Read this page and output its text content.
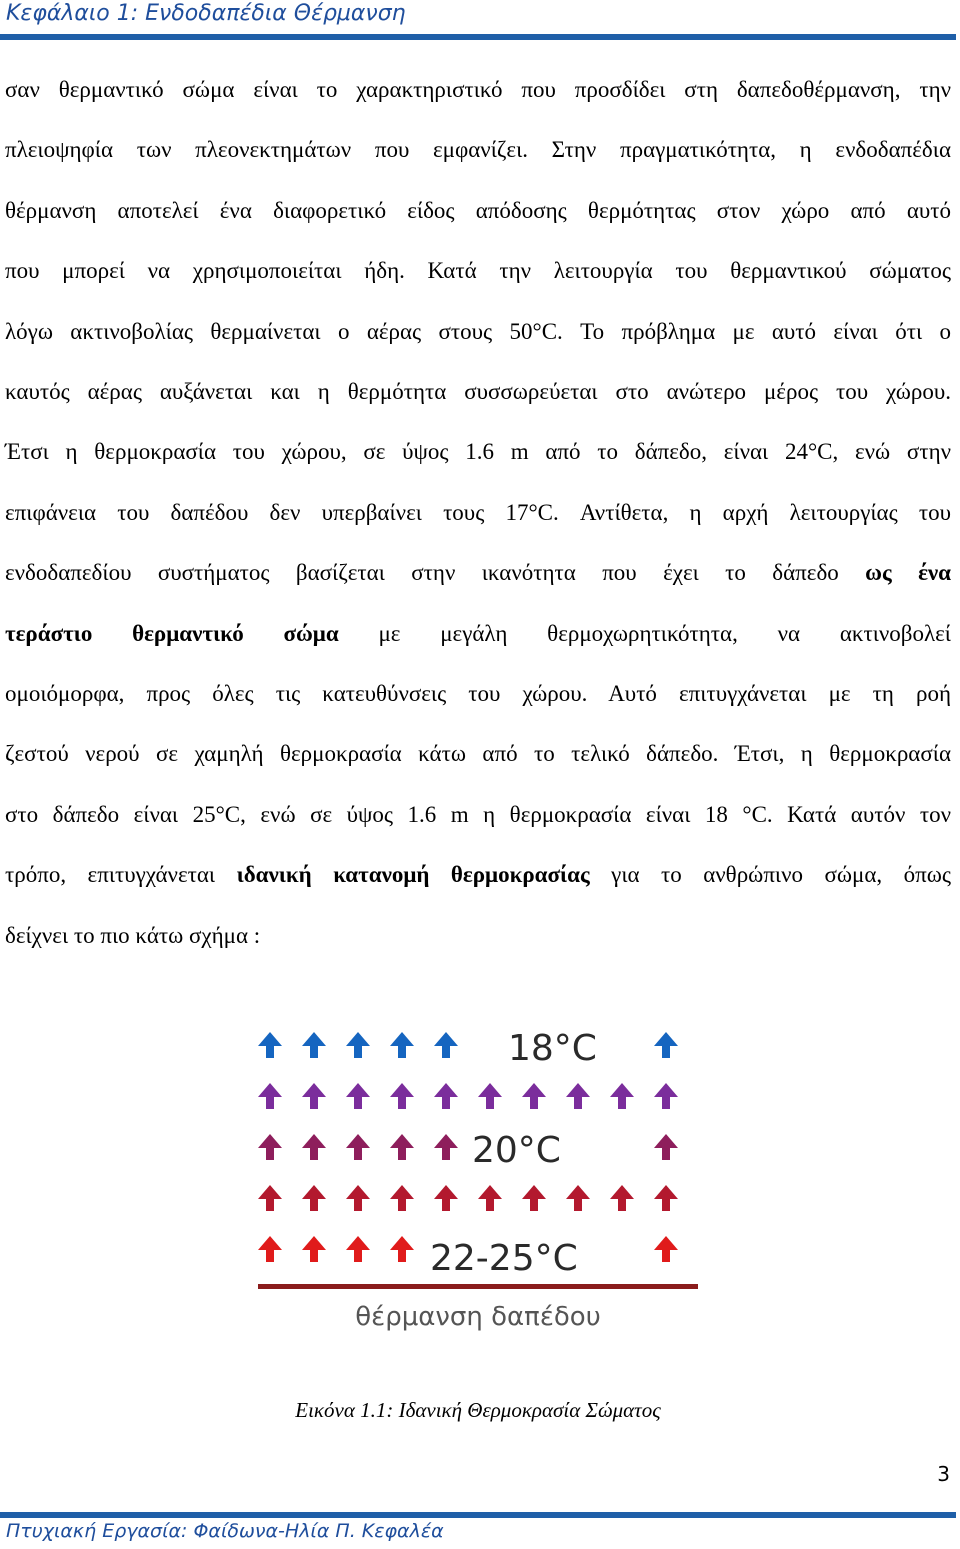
Κεφάλαιο 1: Ενδοδαπέδια Θέρμανση
σαν θερμαντικό σώμα είναι το χαρακτηριστικό που προσδίδει στη δαπεδοθέρμανση, την
πλειοψηφία των πλεονεκτημάτων που εμφανίζει. Στην πραγματικότητα, η ενδοδαπέδια
θέρμανση αποτελεί ένα διαφορετικό είδος απόδοσης θερμότητας στον χώρο από αυτό
που μπορεί να χρησιμοποιείται ήδη. Κατά την λειτουργία του θερμαντικού σώματος
λόγω ακτινοβολίας θερμαίνεται ο αέρας στους 50°C. Το πρόβλημα με αυτό είναι ότι ο
καυτός αέρας αυξάνεται και η θερμότητα συσσωρεύεται στο ανώτερο μέρος του χώρου.
Έτσι η θερμοκρασία του χώρου, σε ύψος 1.6 m από το δάπεδο, είναι 24°C, ενώ στην
επιφάνεια του δαπέδου δεν υπερβαίνει τους 17°C. Αντίθετα, η αρχή λειτουργίας του
ενδοδαπεδίου συστήματος βασίζεται στην ικανότητα που έχει το δάπεδο ως ένα
τεράστιο θερμαντικό σώμα με μεγάλη θερμοχωρητικότητα, να ακτινοβολεί
ομοιόμορφα, προς όλες τις κατευθύνσεις του χώρου. Αυτό επιτυγχάνεται με τη ροή
ζεστού νερού σε χαμηλή θερμοκρασία κάτω από το τελικό δάπεδο. Έτσι, η θερμοκρασία
στο δάπεδο είναι 25°C, ενώ σε ύψος 1.6 m η θερμοκρασία είναι 18 °C. Κατά αυτόν τον
τρόπο, επιτυγχάνεται ιδανική κατανομή θερμοκρασίας για το ανθρώπινο σώμα, όπως
δείχνει το πιο κάτω σχήμα :
18°C
20°C
22-25°C
θέρμανση δαπέδου
Εικόνα 1.1: Ιδανική Θερμοκρασία Σώματος
3
Πτυχιακή Εργασία: Φαίδωνα-Ηλία Π. Κεφαλέα
